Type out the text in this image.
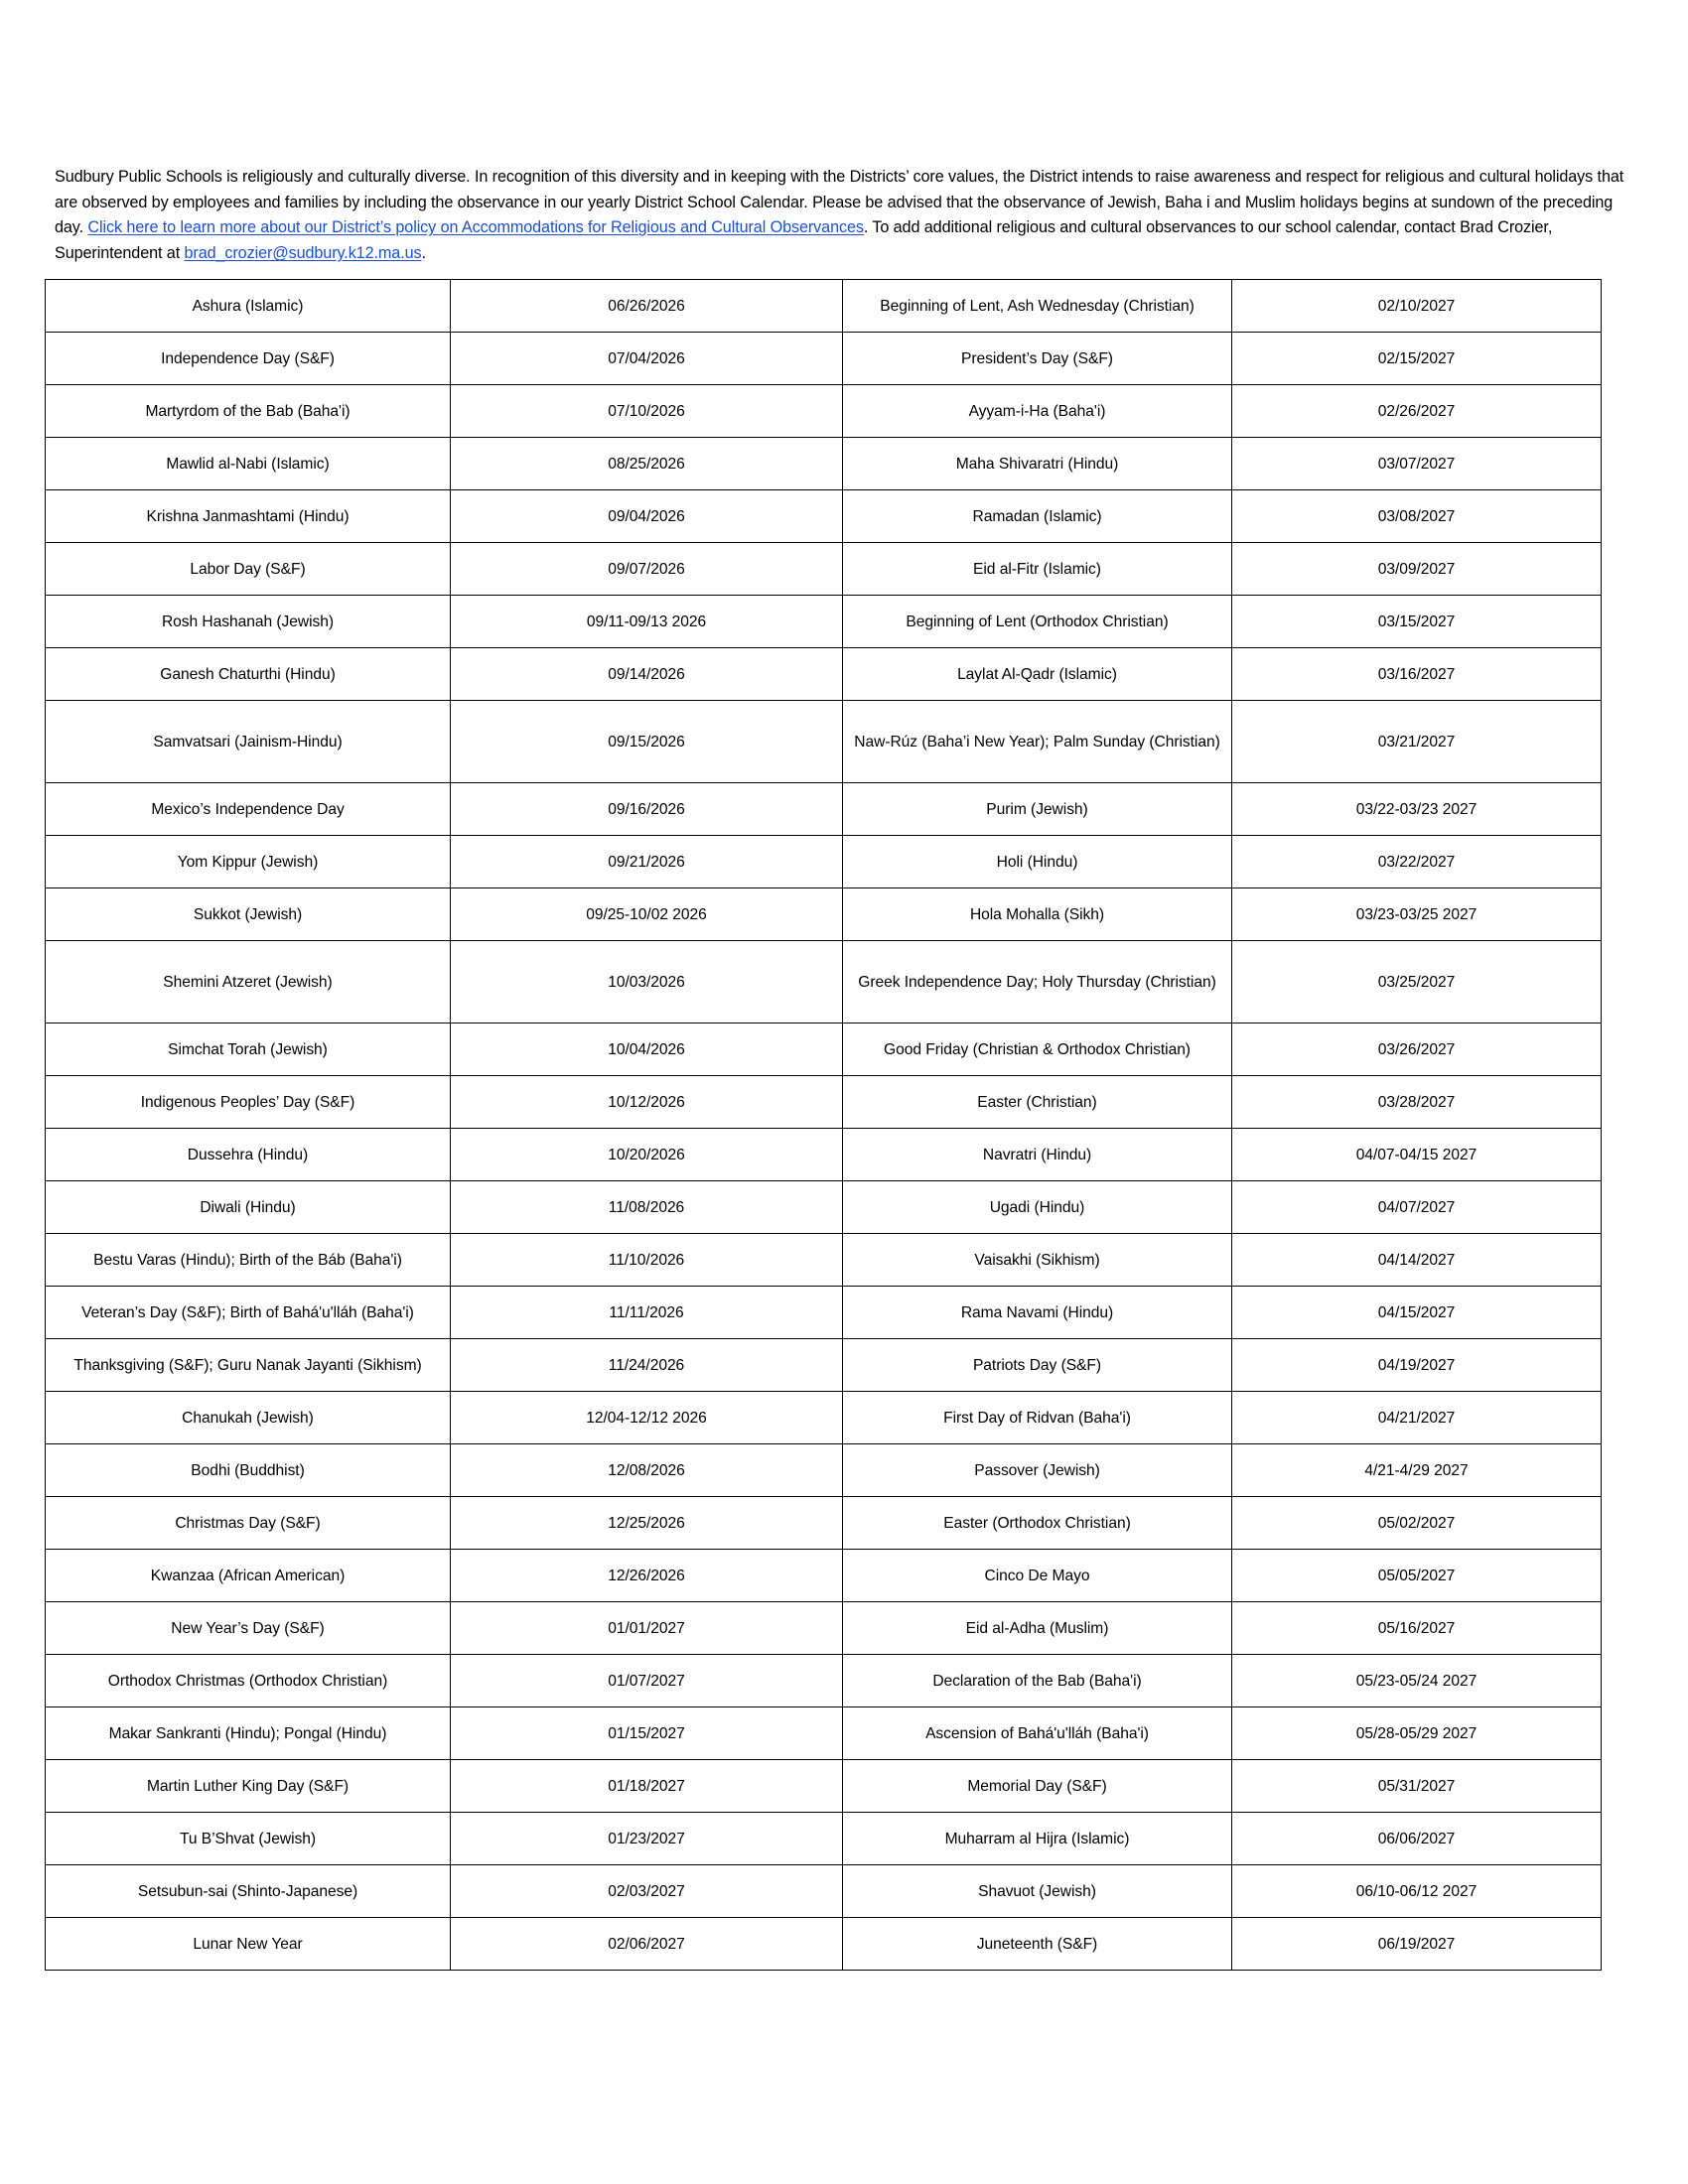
Sudbury Public Schools is religiously and culturally diverse. In recognition of this diversity and in keeping with the Districts’ core values, the District intends to raise awareness and respect for religious and cultural holidays that are observed by employees and families by including the observance in our yearly District School Calendar. Please be advised that the observance of Jewish, Baha i and Muslim holidays begins at sundown of the preceding day. Click here to learn more about our District’s policy on Accommodations for Religious and Cultural Observances. To add additional religious and cultural observances to our school calendar, contact Brad Crozier, Superintendent at brad_crozier@sudbury.k12.ma.us.

Ashura (Islamic)	06/26/2026	Beginning of Lent, Ash Wednesday (Christian)	02/10/2027
Independence Day (S&F)	07/04/2026	President’s Day (S&F)	02/15/2027
Martyrdom of the Bab (Baha'i)	07/10/2026	Ayyam-i-Ha (Baha'i)	02/26/2027
Mawlid al-Nabi (Islamic)	08/25/2026	Maha Shivaratri (Hindu)	03/07/2027
Krishna Janmashtami (Hindu)	09/04/2026	Ramadan (Islamic)	03/08/2027
Labor Day (S&F)	09/07/2026	Eid al-Fitr (Islamic)	03/09/2027
Rosh Hashanah (Jewish)	09/11-09/13 2026	Beginning of Lent (Orthodox Christian)	03/15/2027
Ganesh Chaturthi (Hindu)	09/14/2026	Laylat Al-Qadr (Islamic)	03/16/2027
Samvatsari (Jainism-Hindu)	09/15/2026	Naw-Rúz (Baha’i New Year); Palm Sunday (Christian)	03/21/2027
Mexico’s Independence Day	09/16/2026	Purim (Jewish)	03/22-03/23 2027
Yom Kippur (Jewish)	09/21/2026	Holi (Hindu)	03/22/2027
Sukkot (Jewish)	09/25-10/02 2026	Hola Mohalla (Sikh)	03/23-03/25 2027
Shemini Atzeret (Jewish)	10/03/2026	Greek Independence Day; Holy Thursday (Christian)	03/25/2027
Simchat Torah (Jewish)	10/04/2026	Good Friday (Christian & Orthodox Christian)	03/26/2027
Indigenous Peoples’ Day (S&F)	10/12/2026	Easter (Christian)	03/28/2027
Dussehra (Hindu)	10/20/2026	Navratri (Hindu)	04/07-04/15 2027
Diwali (Hindu)	11/08/2026	Ugadi (Hindu)	04/07/2027
Bestu Varas (Hindu); Birth of the Báb (Baha'i)	11/10/2026	Vaisakhi (Sikhism)	04/14/2027
Veteran’s Day (S&F); Birth of Bahá'u'lláh (Baha'i)	11/11/2026	Rama Navami (Hindu)	04/15/2027
Thanksgiving (S&F); Guru Nanak Jayanti (Sikhism)	11/24/2026	Patriots Day (S&F)	04/19/2027
Chanukah (Jewish)	12/04-12/12 2026	First Day of Ridvan (Baha'i)	04/21/2027
Bodhi (Buddhist)	12/08/2026	Passover (Jewish)	4/21-4/29 2027
Christmas Day (S&F)	12/25/2026	Easter (Orthodox Christian)	05/02/2027
Kwanzaa (African American)	12/26/2026	Cinco De Mayo	05/05/2027
New Year’s Day (S&F)	01/01/2027	Eid al-Adha (Muslim)	05/16/2027
Orthodox Christmas (Orthodox Christian)	01/07/2027	Declaration of the Bab (Baha'i)	05/23-05/24 2027
Makar Sankranti (Hindu); Pongal (Hindu)	01/15/2027	Ascension of Bahá'u'lláh (Baha'i)	05/28-05/29 2027
Martin Luther King Day (S&F)	01/18/2027	Memorial Day (S&F)	05/31/2027
Tu B’Shvat (Jewish)	01/23/2027	Muharram al Hijra (Islamic)	06/06/2027
Setsubun-sai (Shinto-Japanese)	02/03/2027	Shavuot (Jewish)	06/10-06/12 2027
Lunar New Year	02/06/2027	Juneteenth (S&F)	06/19/2027
